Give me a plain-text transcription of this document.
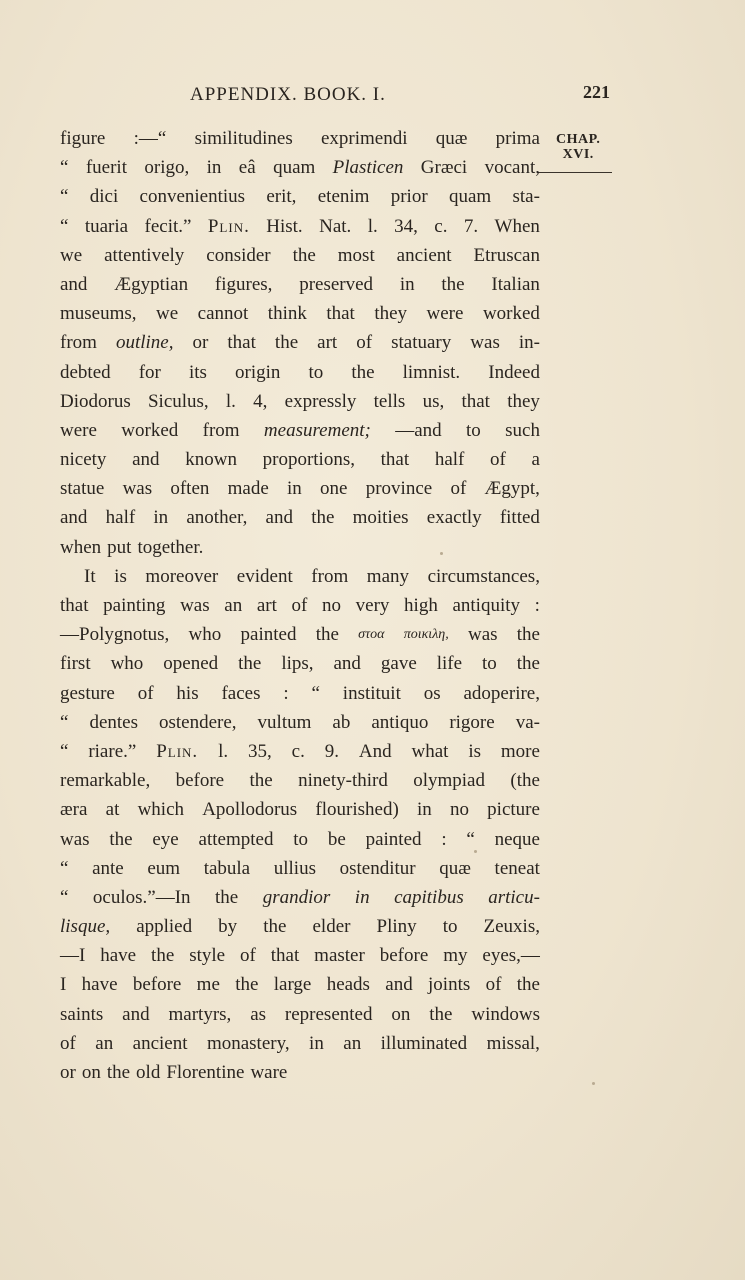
APPENDIX. BOOK. I.	221
CHAP.
XVI.
figure :—“ similitudines exprimendi quæ prima
“ fuerit origo, in eâ quam Plasticen Græci vocant,
“ dici convenientius erit, etenim prior quam sta-
“ tuaria fecit.” Plin. Hist. Nat. l. 34, c. 7. When
we attentively consider the most ancient Etruscan
and Ægyptian figures, preserved in the Italian
museums, we cannot think that they were worked
from outline, or that the art of statuary was in-
debted for its origin to the limnist. Indeed
Diodorus Siculus, l. 4, expressly tells us, that they
were worked from measurement; —and to such
nicety and known proportions, that half of a
statue was often made in one province of Ægypt,
and half in another, and the moities exactly fitted
when put together.
It is moreover evident from many circumstances,
that painting was an art of no very high antiquity :
—Polygnotus, who painted the στοα ποικιλη, was the
first who opened the lips, and gave life to the
gesture of his faces : “ instituit os adoperire,
“ dentes ostendere, vultum ab antiquo rigore va-
“ riare.” Plin. l. 35, c. 9. And what is more
remarkable, before the ninety-third olympiad (the
æra at which Apollodorus flourished) in no picture
was the eye attempted to be painted : “ neque
“ ante eum tabula ullius ostenditur quæ teneat
“ oculos.”—In the grandior in capitibus articu-
lisque, applied by the elder Pliny to Zeuxis,
—I have the style of that master before my eyes,—
I have before me the large heads and joints of the
saints and martyrs, as represented on the windows
of an ancient monastery, in an illuminated missal,
or on the old Florentine ware
